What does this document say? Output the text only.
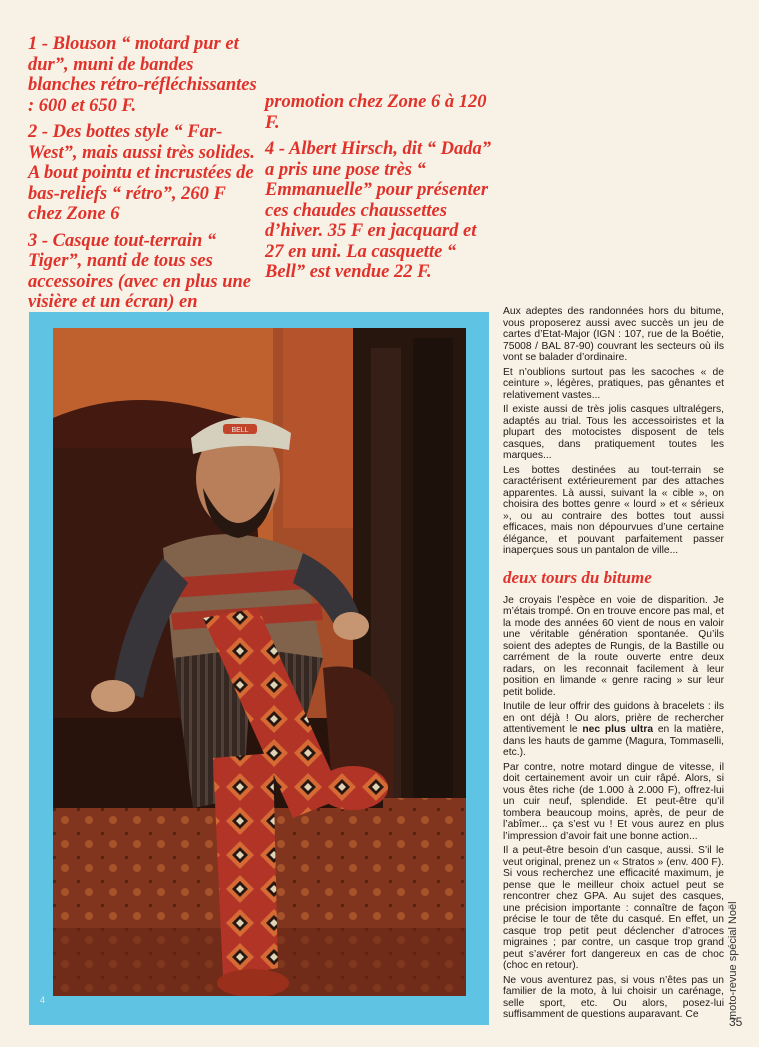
1 - Blouson “ motard pur et dur”, muni de bandes blanches rétro-réfléchissantes : 600 et 650 F.

2 - Des bottes style “ Far-West”, mais aussi très solides. A bout pointu et incrustées de bas-reliefs “ rétro”, 260 F chez Zone 6

3 - Casque tout-terrain “ Tiger”, nanti de tous ses accessoires (avec en plus une visière et un écran) en

promotion chez Zone 6 à 120 F.

4 - Albert Hirsch, dit “ Dada” a pris une pose très “ Emmanuelle” pour présenter ces chaudes chaussettes d’hiver. 35 F en jacquard et 27 en uni. La casquette “ Bell” est vendue 22 F.

BELL
4

Aux adeptes des randonnées hors du bitume, vous proposerez aussi avec succès un jeu de cartes d’Etat-Major (IGN : 107, rue de la Boétie, 75008 / BAL 87-90) couvrant les secteurs où ils vont se balader d’ordinaire.

Et n’oublions surtout pas les sacoches « de ceinture », légères, pratiques, pas gênantes et relativement vastes...

Il existe aussi de très jolis casques ultralégers, adaptés au trial. Tous les accessoiristes et la plupart des motocistes disposent de tels casques, dans pratiquement toutes les marques...

Les bottes destinées au tout-terrain se caractérisent extérieurement par des attaches apparentes. Là aussi, suivant la « cible », on choisira des bottes genre « lourd » et « sérieux », ou au contraire des bottes tout aussi efficaces, mais non dépourvues d’une certaine élégance, et pouvant parfaitement passer inaperçues sous un pantalon de ville...

deux tours du bitume

Je croyais l’espèce en voie de disparition. Je m’étais trompé. On en trouve encore pas mal, et la mode des années 60 vient de nous en valoir une véritable génération spontanée. Qu’ils soient des adeptes de Rungis, de la Bastille ou carrément de la route ouverte entre deux radars, on les reconnait facilement à leur position en limande « genre racing » sur leur petit bolide.

Inutile de leur offrir des guidons à bracelets : ils en ont déjà ! Ou alors, prière de rechercher attentivement le nec plus ultra en la matière, dans les hauts de gamme (Magura, Tommaselli, etc.).

Par contre, notre motard dingue de vitesse, il doit certainement avoir un cuir râpé. Alors, si vous êtes riche (de 1.000 à 2.000 F), offrez-lui un cuir neuf, splendide. Et peut-être qu’il tombera beaucoup moins, après, de peur de l’abîmer... ça s’est vu ! Et vous aurez en plus l’impression d’avoir fait une bonne action...

Il a peut-être besoin d’un casque, aussi. S’il le veut original, prenez un « Stratos » (env. 400 F). Si vous recherchez une efficacité maximum, je pense que le meilleur choix actuel peut se rencontrer chez GPA. Au sujet des casques, une précision importante : connaître de façon précise le tour de tête du casqué. En effet, un casque trop petit peut déclencher d’atroces migraines ; par contre, un casque trop grand peut s’avérer fort dangereux en cas de choc (choc en retour).

Ne vous aventurez pas, si vous n’êtes pas un familier de la moto, à lui choisir un carénage, selle sport, etc. Ou alors, posez-lui suffisamment de questions auparavant. Ce	moto-revue spécial Noël
35
